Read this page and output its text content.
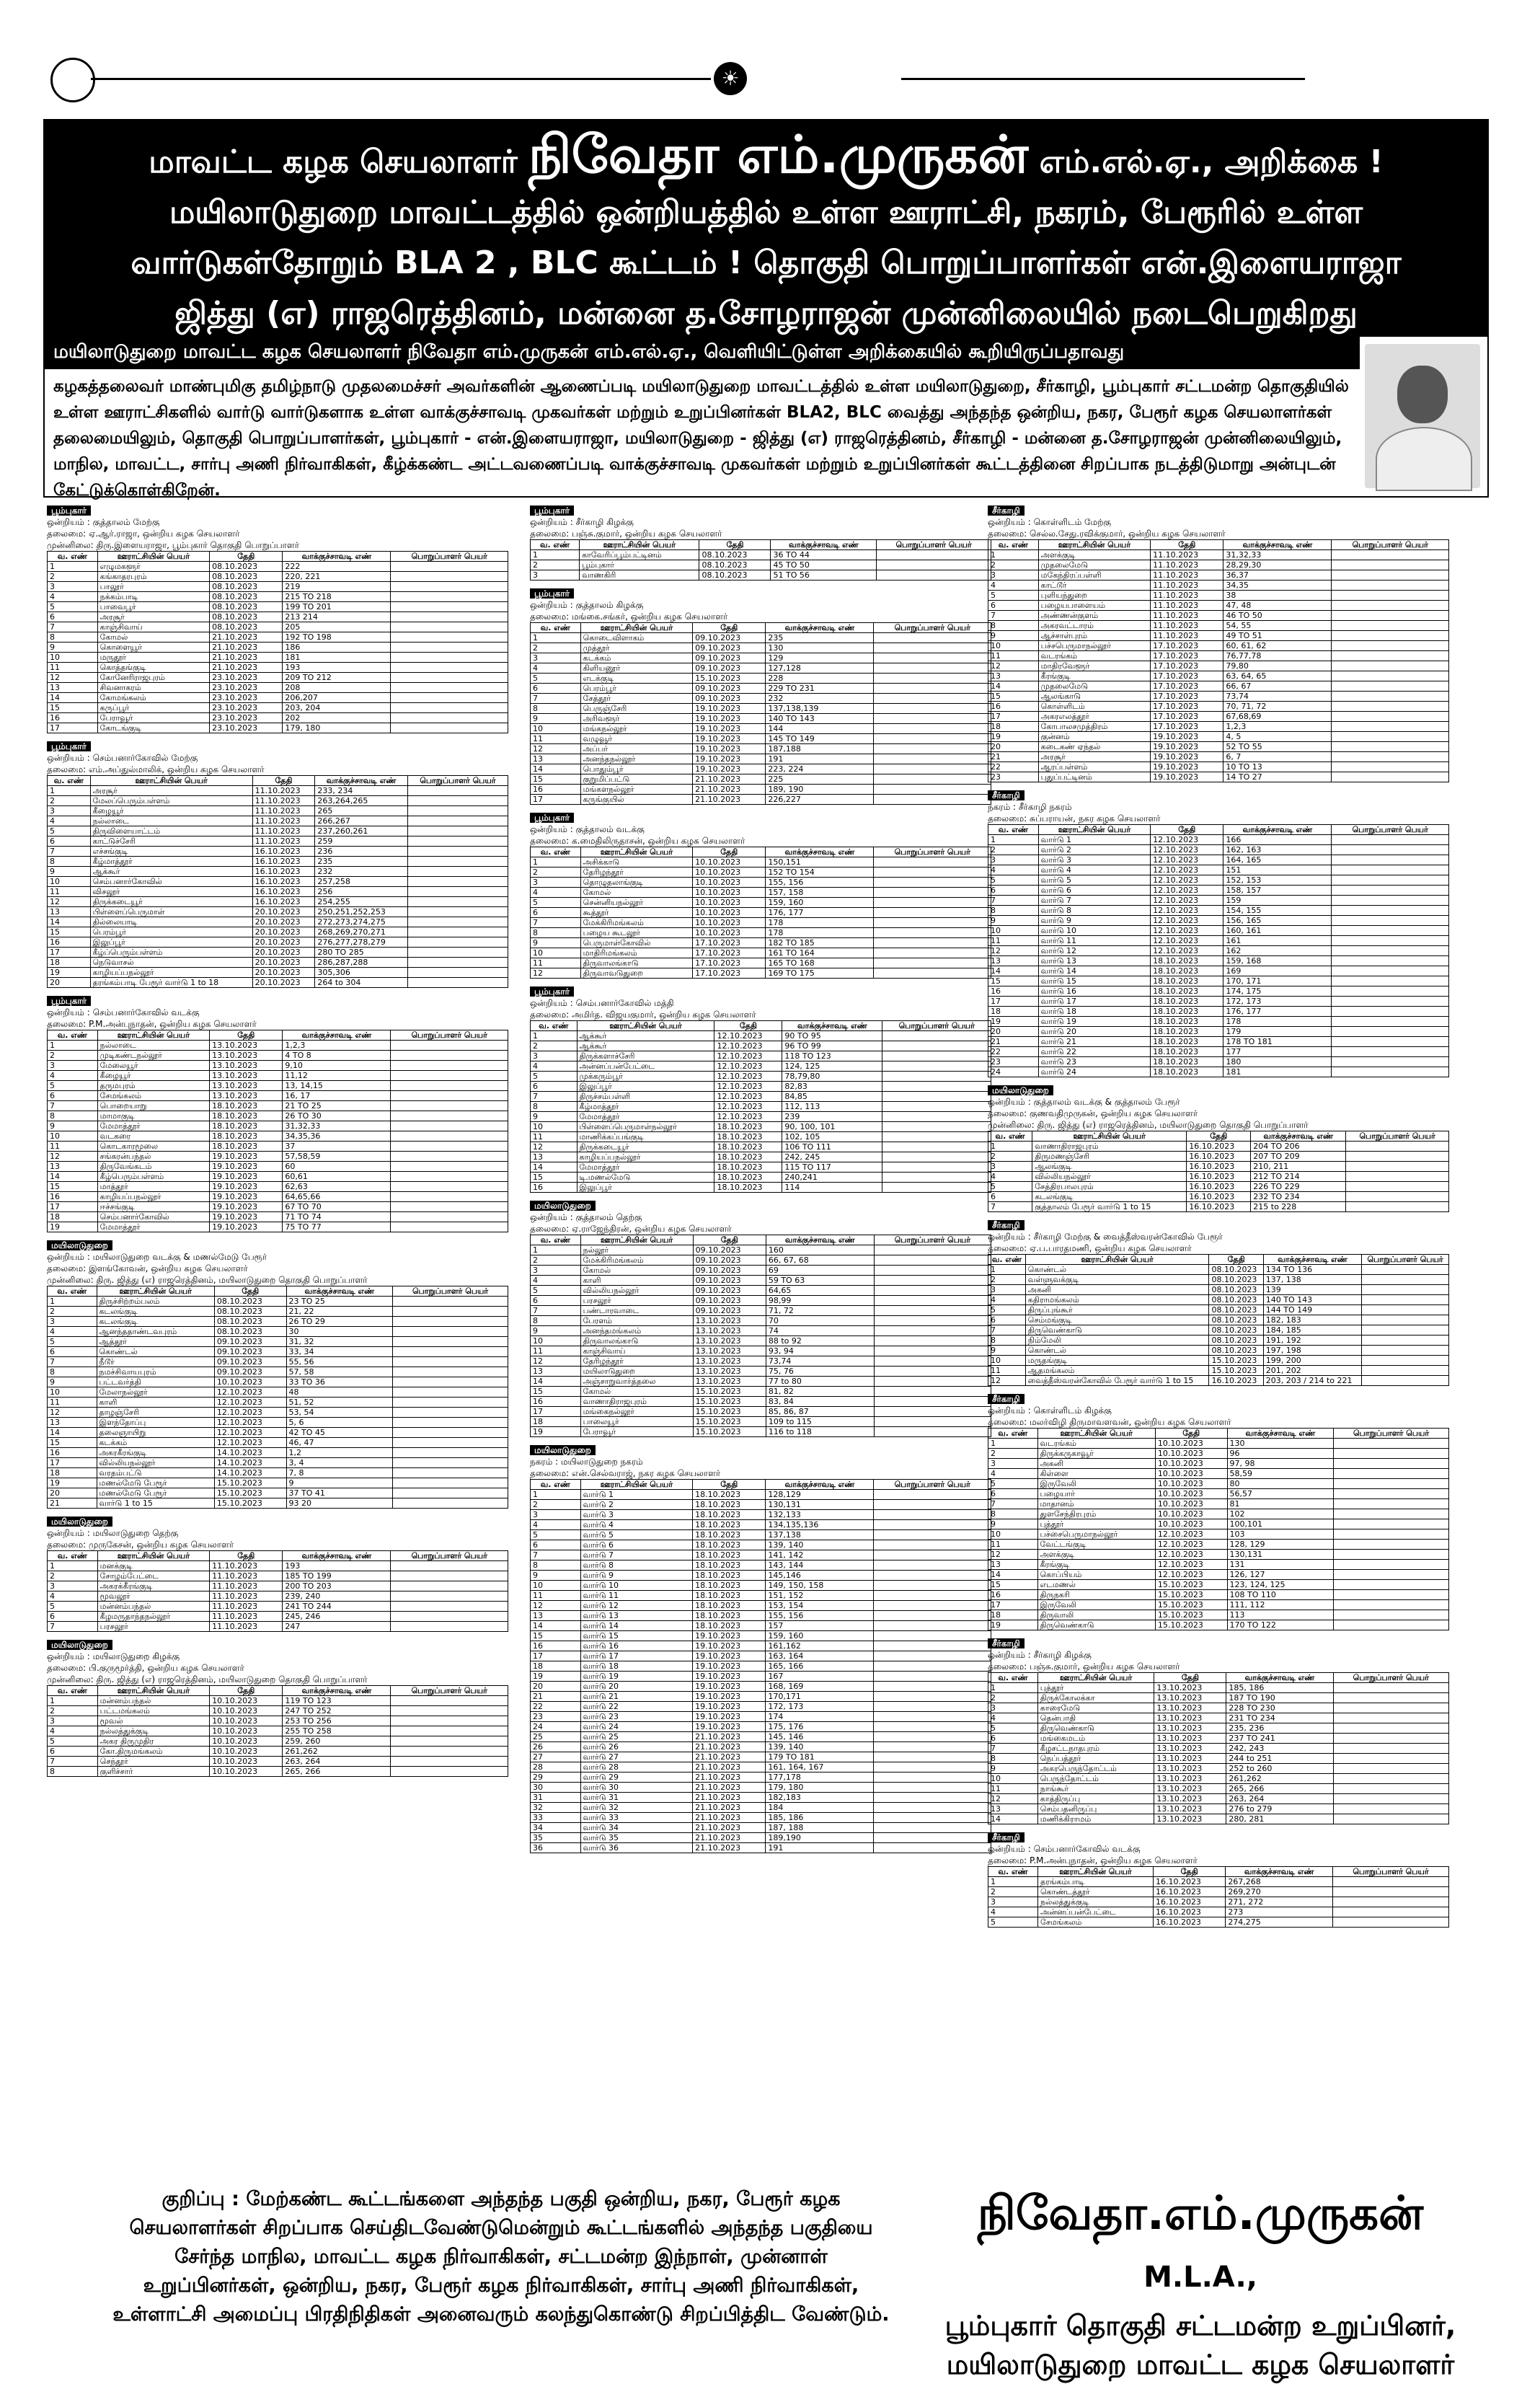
☀
மாவட்ட கழக செயலாளர் நிவேதா எம்.முருகன் எம்.எல்.ஏ., அறிக்கை !
மயிலாடுதுறை மாவட்டத்தில் ஒன்றியத்தில் உள்ள ஊராட்சி, நகரம், பேரூரில் உள்ள
வார்டுகள்தோறும் BLA 2 , BLC கூட்டம் ! தொகுதி பொறுப்பாளர்கள் என்.இளையராஜா
ஜித்து (எ) ராஜரெத்தினம், மன்னை த.சோழராஜன் முன்னிலையில் நடைபெறுகிறது
மயிலாடுதுறை மாவட்ட கழக செயலாளர் நிவேதா எம்.முருகன் எம்.எல்.ஏ., வெளியிட்டுள்ள அறிக்கையில் கூறியிருப்பதாவது
கழகத்தலைவர் மாண்புமிகு தமிழ்நாடு முதலமைச்சர் அவர்களின் ஆணைப்படி மயிலாடுதுறை மாவட்டத்தில் உள்ள மயிலாடுதுறை, சீர்காழி, பூம்புகார் சட்டமன்ற தொகுதியில் உள்ள ஊராட்சிகளில் வார்டு வார்டுகளாக உள்ள வாக்குச்சாவடி முகவர்கள் மற்றும் உறுப்பினர்கள் BLA2, BLC வைத்து அந்தந்த ஒன்றிய, நகர, பேரூர் கழக செயலாளர்கள் தலைமையிலும், தொகுதி பொறுப்பாளர்கள், பூம்புகார் - என்.இளையராஜா, மயிலாடுதுறை - ஜித்து (எ) ராஜரெத்தினம், சீர்காழி - மன்னை த.சோழராஜன் முன்னிலையிலும், மாநில, மாவட்ட, சார்பு அணி நிர்வாகிகள், கீழ்க்கண்ட அட்டவணைப்படி வாக்குச்சாவடி முகவர்கள் மற்றும் உறுப்பினர்கள் கூட்டத்தினை சிறப்பாக நடத்திடுமாறு அன்புடன் கேட்டுக்கொள்கிறேன்.
பூம்புகார்
ஒன்றியம் : குத்தாலம் மேற்கு
தலைமை: ஏ.ஆர்.ராஜா, ஒன்றிய கழக செயலாளர்
முன்னிலை: திரு.இளையராஜா, பூம்புகார் தொகுதி பொறுப்பாளர்
வ. எண்	ஊராட்சியின் பெயர்	தேதி	வாக்குச்சாவடி எண்	பொறுப்பாளர் பெயர்
1	எழுமகளூர்	08.10.2023	222	
2	கங்காதரபுரம்	08.10.2023	220, 221	
3	பாலூர்	08.10.2023	219	
4	நக்கம்பாடி	08.10.2023	215 TO 218	
5	பாவைபூர்	08.10.2023	199 TO 201	
6	அரசூர்	08.10.2023	213 214	
7	காஞ்சிவாய்	08.10.2023	205	
8	கோமல்	21.10.2023	192 TO 198	
9	கொளையூர்	21.10.2023	186	
10	மருதூர்	21.10.2023	181	
11	கொத்தங்குடி	21.10.2023	193	
12	கோனேரிராஜபுரம்	23.10.2023	209 TO 212	
13	சிவனாகரம்	23.10.2023	208	
14	கோமங்கலம்	23.10.2023	206,207	
15	கருப்பூர்	23.10.2023	203, 204	
16	பேராவூர்	23.10.2023	202	
17	கோடங்குடி	23.10.2023	179, 180	
பூம்புகார்
ஒன்றியம் : செம்பனார்கோவில் மேற்கு
தலைமை: எம்.அப்துல்மாலிக், ஒன்றிய கழக செயலாளர்
வ. எண்	ஊராட்சியின் பெயர்	தேதி	வாக்குச்சாவடி எண்	பொறுப்பாளர் பெயர்
1	அரசூர்	11.10.2023	233, 234	
2	மேலப்பெரும்பள்ளம்	11.10.2023	263,264,265	
3	கீழையூர்	11.10.2023	265	
4	நல்லாடை	11.10.2023	266,267	
5	திருவிளையாட்டம்	11.10.2023	237,260,261	
6	காட்டுச்சேரி	11.10.2023	259	
7	எச்சங்குடி	16.10.2023	236	
8	கீழ்மாத்தூர்	16.10.2023	235	
9	ஆக்கூர்	16.10.2023	232	
10	செம்பனார்கோவில்	16.10.2023	257,258	
11	விசலூர்	16.10.2023	256	
12	திருக்கடையூர்	16.10.2023	254,255	
13	பிள்ளைப்பெருமாள்	20.10.2023	250,251,252,253	
14	தில்லையாடி	20.10.2023	272,273,274,275	
15	பெரம்பூர்	20.10.2023	268,269,270,271	
16	இலுப்பூர்	20.10.2023	276,277,278,279	
17	கீழ்ப்பெரும்பள்ளம்	20.10.2023	280 TO 285	
18	நெடுவாசல்	20.10.2023	286,287,288	
19	காழியப்பநல்லூர்	20.10.2023	305,306	
20	தரங்கம்பாடி பேரூர் வார்டு 1 to 18	20.10.2023	264 to 304	
பூம்புகார்
ஒன்றியம் : செம்பனார்கோவில் வடக்கு
தலைமை: P.M.அன்புநாதன், ஒன்றிய கழக செயலாளர்
வ. எண்	ஊராட்சியின் பெயர்	தேதி	வாக்குச்சாவடி எண்	பொறுப்பாளர் பெயர்
1	நல்லாடை	13.10.2023	1,2,3	
2	முடிகண்டநல்லூர்	13.10.2023	4 TO 8	
3	மேலையூர்	13.10.2023	9,10	
4	கீழையூர்	13.10.2023	11,12	
5	தருமபுரம்	13.10.2023	13, 14,15	
6	சேமங்கலம்	13.10.2023	16, 17	
7	பொறையாறு	18.10.2023	21 TO 25	
8	மாமாகுடி	18.10.2023	26 TO 30	
9	மேமாத்தூர்	18.10.2023	31,32,33	
10	வடகரை	18.10.2023	34,35,36	
11	கொடகாரமூலை	18.10.2023	37	
12	சங்கரன்பந்தல்	19.10.2023	57,58,59	
13	திருவேங்கடம்	19.10.2023	60	
14	கீழ்பெரும்பள்ளம்	19.10.2023	60,61	
15	மாத்தூர்	19.10.2023	62,63	
16	காழியப்பநல்லூர்	19.10.2023	64,65,66	
17	ஈச்சங்குடி	19.10.2023	67 TO 70	
18	செம்பனார்கோவில்	19.10.2023	71 TO 74	
19	மேமாத்தூர்	19.10.2023	75 TO 77	
மயிலாடுதுறை
ஒன்றியம் : மயிலாடுதுறை வடக்கு & மணல்மேடு பேரூர்
தலைமை: இளங்கோவன், ஒன்றிய கழக செயலாளர்
முன்னிலை: திரு. ஜித்து (எ) ராஜரெத்தினம், மயிலாடுதுறை தொகுதி பொறுப்பாளர்
வ. எண்	ஊராட்சியின் பெயர்	தேதி	வாக்குச்சாவடி எண்	பொறுப்பாளர் பெயர்
1	திருச்சிற்றம்பலம்	08.10.2023	23 TO 25	
2	கடலங்குடி	08.10.2023	21, 22	
3	கடலங்குடி	08.10.2023	26 TO 29	
4	ஆனந்ததாண்டவபுரம்	08.10.2023	30	
5	ஆத்தூர்	09.10.2023	31, 32	
6	கொண்டல்	09.10.2023	33, 34	
7	நீடூர்	09.10.2023	55, 56	
8	நமச்சிவாயபுரம்	09.10.2023	57, 58	
9	பட்டவர்த்தி	10.10.2023	33 TO 36	
10	மேலாநல்லூர்	12.10.2023	48	
11	காளி	12.10.2023	51, 52	
12	தாழஞ்சேரி	12.10.2023	53, 54	
13	இளந்தோப்பு	12.10.2023	5, 6	
14	தலைஞாயிறு	12.10.2023	42 TO 45	
15	கடக்கம்	12.10.2023	46, 47	
16	அகரகீரங்குடி	14.10.2023	1,2	
17	வில்லியநல்லூர்	14.10.2023	3, 4	
18	வரதம்பட்டு	14.10.2023	7, 8	
19	மணல்மேடு பேரூர்	15.10.2023	9	
20	மணல்மேடு பேரூர்	15.10.2023	37 TO 41	
21	வார்டு 1 to 15	15.10.2023	93 20	
மயிலாடுதுறை
ஒன்றியம் : மயிலாடுதுறை தெற்கு
தலைமை: முருகேசன், ஒன்றிய கழக செயலாளர்
வ. எண்	ஊராட்சியின் பெயர்	தேதி	வாக்குச்சாவடி எண்	பொறுப்பாளர் பெயர்
1	மனக்குடி	11.10.2023	193	
2	சோழம்பேட்டை	11.10.2023	185 TO 199	
3	அகரக்கீரங்குடி	11.10.2023	200 TO 203	
4	மூவலூர்	11.10.2023	239, 240	
5	மன்னம்பந்தல்	11.10.2023	241 TO 244	
6	கீழமருதாந்தநல்லூர்	11.10.2023	245, 246	
7	பரசலூர்	11.10.2023	247	
மயிலாடுதுறை
ஒன்றியம் : மயிலாடுதுறை கிழக்கு
தலைமை: பி.குருமூர்த்தி, ஒன்றிய கழக செயலாளர்
முன்னிலை: திரு. ஜித்து (எ) ராஜரெத்தினம், மயிலாடுதுறை தொகுதி பொறுப்பாளர்
வ. எண்	ஊராட்சியின் பெயர்	தேதி	வாக்குச்சாவடி எண்	பொறுப்பாளர் பெயர்
1	மன்னம்பந்தல்	10.10.2023	119 TO 123	
2	பட்டமங்கலம்	10.10.2023	247 TO 252	
3	மூவல்	10.10.2023	253 TO 256	
4	நல்லத்துக்குடி	10.10.2023	255 TO 258	
5	அகர திருமுதிர	10.10.2023	259, 260	
6	கோ.திருமங்கலம்	10.10.2023	261,262	
7	செந்தூர்	10.10.2023	263, 264	
8	குளிச்சார்	10.10.2023	265, 266	
பூம்புகார்
ஒன்றியம் : சீர்காழி கிழக்கு
தலைமை: பஞ்சு.குமார், ஒன்றிய கழக செயலாளர்
வ. எண்	ஊராட்சியின் பெயர்	தேதி	வாக்குச்சாவடி எண்	பொறுப்பாளர் பெயர்
1	காவேரிப்பூம்பட்டினம்	08.10.2023	36 TO 44	
2	பூம்புகார்	08.10.2023	45 TO 50	
3	வாணகிரி	08.10.2023	51 TO 56	
பூம்புகார்
ஒன்றியம் : குத்தாலம் கிழக்கு
தலைமை: மங்கை.சங்கர், ஒன்றிய கழக செயலாளர்
வ. எண்	ஊராட்சியின் பெயர்	தேதி	வாக்குச்சாவடி எண்	பொறுப்பாளர் பெயர்
1	கொடைவிளாகம்	09.10.2023	235	
2	முத்தூர்	09.10.2023	130	
3	கடக்கம்	09.10.2023	129	
4	கிளியனூர்	09.10.2023	127,128	
5	எடக்குடி	15.10.2023	228	
6	பெரம்பூர்	09.10.2023	229 TO 231	
7	சேத்தூர்	09.10.2023	232	
8	பெருஞ்சேரி	19.10.2023	137,138,139	
9	அரிவளூர்	19.10.2023	140 TO 143	
10	மங்கநல்லூர்	19.10.2023	144	
11	வழுவூர்	19.10.2023	145 TO 149	
12	அப்பர்	19.10.2023	187,188	
13	அனந்தநல்லூர்	19.10.2023	191	
14	பொதும்பூர்	19.10.2023	223, 224	
15	குறுமிப்பட்டு	21.10.2023	225	
16	மங்களநல்லூர்	21.10.2023	189, 190	
17	கருங்குயில்	21.10.2023	226,227	
பூம்புகார்
ஒன்றியம் : குத்தாலம் வடக்கு
தலைமை: க.மைதிலிருதாசன், ஒன்றிய கழக செயலாளர்
வ. எண்	ஊராட்சியின் பெயர்	தேதி	வாக்குச்சாவடி எண்	பொறுப்பாளர் பெயர்
1	அசிக்காடு	10.10.2023	150,151	
2	தேரிழந்தூர்	10.10.2023	152 TO 154	
3	தொழுதலாங்குடி	10.10.2023	155, 156	
4	கோமல்	10.10.2023	157, 158	
5	சென்னியநல்லூர்	10.10.2023	159, 160	
6	கூத்தூர்	10.10.2023	176, 177	
7	மேக்கிரிமங்கலம்	10.10.2023	178	
8	பழைய கூடலூர்	10.10.2023	178	
9	பெருமாள்கோவில்	17.10.2023	182 TO 185	
10	மாதிரிமங்கலம்	17.10.2023	161 TO 164	
11	திருவாலங்காடு	17.10.2023	165 TO 168	
12	திருவாவடுதுறை	17.10.2023	169 TO 175	
பூம்புகார்
ஒன்றியம் : செம்பனார்கோவில் மத்தி
தலைமை: அமிர்த. விஜயகுமார், ஒன்றிய கழக செயலாளர்
வ. எண்	ஊராட்சியின் பெயர்	தேதி	வாக்குச்சாவடி எண்	பொறுப்பாளர் பெயர்
1	ஆக்கூர்	12.10.2023	90 TO 95	
2	ஆக்கூர்	12.10.2023	96 TO 99	
3	திருக்களாச்சேரி	12.10.2023	118 TO 123	
4	அன்னப்பன்பேட்டை	12.10.2023	124, 125	
5	முக்கரும்பூர்	12.10.2023	78,79,80	
6	இலுப்பூர்	12.10.2023	82,83	
7	திருச்சம்பள்ளி	12.10.2023	84,85	
8	கீழ்மாத்தூர்	12.10.2023	112, 113	
9	மேமாத்தூர்	12.10.2023	239	
10	பிள்ளைப்பெருமாள்நல்லூர்	18.10.2023	90, 100, 101	
11	மாணிக்கப்பங்குடி	18.10.2023	102, 105	
12	திருக்கடையூர்	18.10.2023	106 TO 111	
13	காழியப்பநல்லூர்	18.10.2023	242, 245	
14	மேமாத்தூர்	18.10.2023	115 TO 117	
15	டி.மணல்மேடு	18.10.2023	240,241	
16	இலுப்பூர்	18.10.2023	114	
மயிலாடுதுறை
ஒன்றியம் : குத்தாலம் தெற்கு
தலைமை: ஏ.ராஜேந்திரன், ஒன்றிய கழக செயலாளர்
வ. எண்	ஊராட்சியின் பெயர்	தேதி	வாக்குச்சாவடி எண்	பொறுப்பாளர் பெயர்
1	நல்லூர்	09.10.2023	160	
2	மேக்கிரிமங்கலம்	09.10.2023	66, 67, 68	
3	கோமல்	09.10.2023	69	
4	காளி	09.10.2023	59 TO 63	
5	வில்லியநல்லூர்	09.10.2023	64,65	
6	பரசலூர்	09.10.2023	98,99	
7	பண்டாரவாடை	09.10.2023	71, 72	
8	பேரளம்	13.10.2023	70	
9	அனந்தமங்கலம்	13.10.2023	74	
10	திருவாலங்காடு	13.10.2023	88 to 92	
11	காஞ்சிவாய்	13.10.2023	93, 94	
12	தேரிழந்தூர்	13.10.2023	73,74	
13	மயிலாடுதுறை	13.10.2023	75, 76	
14	அஞ்சாறுவார்த்தலை	13.10.2023	77 to 80	
15	கோமல்	15.10.2023	81, 82	
16	வாணாதிராஜபுரம்	15.10.2023	83, 84	
17	மங்கைநல்லூர்	15.10.2023	85, 86, 87	
18	பாலையூர்	15.10.2023	109 to 115	
19	பேராவூர்	15.10.2023	116 to 118	
மயிலாடுதுறை
நகரம் : மயிலாடுதுறை நகரம்
தலைமை: என்.செல்வராஜ், நகர கழக செயலாளர்
வ. எண்	ஊராட்சியின் பெயர்	தேதி	வாக்குச்சாவடி எண்	பொறுப்பாளர் பெயர்
1	வார்டு 1	18.10.2023	128,129	
2	வார்டு 2	18.10.2023	130,131	
3	வார்டு 3	18.10.2023	132,133	
4	வார்டு 4	18.10.2023	134,135,136	
5	வார்டு 5	18.10.2023	137,138	
6	வார்டு 6	18.10.2023	139, 140	
7	வார்டு 7	18.10.2023	141, 142	
8	வார்டு 8	18.10.2023	143, 144	
9	வார்டு 9	18.10.2023	145,146	
10	வார்டு 10	18.10.2023	149, 150, 158	
11	வார்டு 11	18.10.2023	151, 152	
12	வார்டு 12	18.10.2023	153, 154	
13	வார்டு 13	18.10.2023	155, 156	
14	வார்டு 14	18.10.2023	157	
15	வார்டு 15	19.10.2023	159, 160	
16	வார்டு 16	19.10.2023	161,162	
17	வார்டு 17	19.10.2023	163, 164	
18	வார்டு 18	19.10.2023	165, 166	
19	வார்டு 19	19.10.2023	167	
20	வார்டு 20	19.10.2023	168, 169	
21	வார்டு 21	19.10.2023	170,171	
22	வார்டு 22	19.10.2023	172, 173	
23	வார்டு 23	19.10.2023	174	
24	வார்டு 24	19.10.2023	175, 176	
25	வார்டு 25	21.10.2023	145, 146	
26	வார்டு 26	21.10.2023	139, 140	
27	வார்டு 27	21.10.2023	179 TO 181	
28	வார்டு 28	21.10.2023	161, 164, 167	
29	வார்டு 29	21.10.2023	177,178	
30	வார்டு 30	21.10.2023	179, 180	
31	வார்டு 31	21.10.2023	182,183	
32	வார்டு 32	21.10.2023	184	
33	வார்டு 33	21.10.2023	185, 186	
34	வார்டு 34	21.10.2023	187, 188	
35	வார்டு 35	21.10.2023	189,190	
36	வார்டு 36	21.10.2023	191	
சீர்காழி
ஒன்றியம் : கொள்ளிடம் மேற்கு
தலைமை: செல்ல.சேது.ரவிக்குமார், ஒன்றிய கழக செயலாளர்
வ. எண்	ஊராட்சியின் பெயர்	தேதி	வாக்குச்சாவடி எண்	பொறுப்பாளர் பெயர்
1	அளக்குடி	11.10.2023	31,32,33	
2	முதலைமேடு	11.10.2023	28,29,30	
3	மகேந்திரப்பள்ளி	11.10.2023	36,37	
4	காட்டூர்	11.10.2023	34,35	
5	புளியந்துறை	11.10.2023	38	
6	பழையபாளையம்	11.10.2023	47, 48	
7	அண்ணன்குளம்	11.10.2023	46 TO 50	
8	அகரவட்டாரம்	11.10.2023	54, 55	
9	ஆச்சாள்புரம்	11.10.2023	49 TO 51	
10	பச்சபெருமாநல்லூர்	17.10.2023	60, 61, 62	
11	வடரங்கம்	17.10.2023	76,77,78	
12	மாதிரவேளூர்	17.10.2023	79,80	
13	கீரங்குடி	17.10.2023	63, 64, 65	
14	முதலைமேடு	17.10.2023	66, 67	
15	ஆலங்காடு	17.10.2023	73,74	
16	கொள்ளிடம்	17.10.2023	70, 71, 72	
17	அகரஎலத்தூர்	17.10.2023	67,68,69	
18	கோபாலசமுத்திரம்	17.10.2023	1,2,3	
19	குன்னம்	19.10.2023	4, 5	
20	கடைகண் ஏந்தல்	19.10.2023	52 TO 55	
21	அரசூர்	19.10.2023	6, 7	
22	ஆரப்பள்ளம்	19.10.2023	10 TO 13	
23	புதுப்பட்டினம்	19.10.2023	14 TO 27	
சீர்காழி
நகரம் : சீர்காழி நகரம்
தலைமை: சுப்பராயன், நகர கழக செயலாளர்
வ. எண்	ஊராட்சியின் பெயர்	தேதி	வாக்குச்சாவடி எண்	பொறுப்பாளர் பெயர்
1	வார்டு 1	12.10.2023	166	
2	வார்டு 2	12.10.2023	162, 163	
3	வார்டு 3	12.10.2023	164, 165	
4	வார்டு 4	12.10.2023	151	
5	வார்டு 5	12.10.2023	152, 153	
6	வார்டு 6	12.10.2023	158, 157	
7	வார்டு 7	12.10.2023	159	
8	வார்டு 8	12.10.2023	154, 155	
9	வார்டு 9	12.10.2023	156, 165	
10	வார்டு 10	12.10.2023	160, 161	
11	வார்டு 11	12.10.2023	161	
12	வார்டு 12	12.10.2023	162	
13	வார்டு 13	18.10.2023	159, 168	
14	வார்டு 14	18.10.2023	169	
15	வார்டு 15	18.10.2023	170, 171	
16	வார்டு 16	18.10.2023	174, 175	
17	வார்டு 17	18.10.2023	172, 173	
18	வார்டு 18	18.10.2023	176, 177	
19	வார்டு 19	18.10.2023	178	
20	வார்டு 20	18.10.2023	179	
21	வார்டு 21	18.10.2023	178 TO 181	
22	வார்டு 22	18.10.2023	177	
23	வார்டு 23	18.10.2023	180	
24	வார்டு 24	18.10.2023	181	
மயிலாடுதுறை
ஒன்றியம் : குத்தாலம் வடக்கு & குத்தாலம் பேரூர்
தலைமை: குணவதிமுருகன், ஒன்றிய கழக செயலாளர்
முன்னிலை: திரு. ஜித்து (எ) ராஜரெத்தினம், மயிலாடுதுறை தொகுதி பொறுப்பாளர்
வ. எண்	ஊராட்சியின் பெயர்	தேதி	வாக்குச்சாவடி எண்	பொறுப்பாளர் பெயர்
1	வாணாதிராஜபுரம்	16.10.2023	204 TO 206	
2	திருமணஞ்சேரி	16.10.2023	207 TO 209	
3	ஆலங்குடி	16.10.2023	210, 211	
4	வில்லியநல்லூர்	16.10.2023	212 TO 214	
5	சேத்திரபாலபுரம்	16.10.2023	226 TO 229	
6	கடலங்குடி	16.10.2023	232 TO 234	
7	குத்தாலம் பேரூர் வார்டு 1 to 15	16.10.2023	215 to 228	
சீர்காழி
ஒன்றியம் : சீர்காழி மேற்கு & வைத்தீஸ்வரன்கோவில் பேரூர்
தலைமை: ஏ.ப.பாரதமணி, ஒன்றிய கழக செயலாளர்
வ. எண்	ஊராட்சியின் பெயர்	தேதி	வாக்குச்சாவடி எண்	பொறுப்பாளர் பெயர்
1	கொண்டல்	08.10.2023	134 TO 136	
2	வள்ளுவக்குடி	08.10.2023	137, 138	
3	அகனி	08.10.2023	139	
4	கதிராமங்கலம்	08.10.2023	140 TO 143	
5	திருப்புங்கூர்	08.10.2023	144 TO 149	
6	செம்மங்குடி	08.10.2023	182, 183	
7	திருவெண்காடு	08.10.2023	184, 185	
8	நிம்மேலி	08.10.2023	191, 192	
9	கொண்டல்	08.10.2023	197, 198	
10	மருதங்குடி	15.10.2023	199, 200	
11	ஆதமங்கலம்	15.10.2023	201, 202	
12	வைத்தீஸ்வரன்கோவில் பேரூர் வார்டு 1 to 15	16.10.2023	203, 203 / 214 to 221	
சீர்காழி
ஒன்றியம் : கொள்ளிடம் கிழக்கு
தலைமை: மலர்விழி திருமாவளவன், ஒன்றிய கழக செயலாளர்
வ. எண்	ஊராட்சியின் பெயர்	தேதி	வாக்குச்சாவடி எண்	பொறுப்பாளர் பெயர்
1	வடரங்கம்	10.10.2023	130	
2	திருக்கருகாவூர்	10.10.2023	96	
3	அகனி	10.10.2023	97, 98	
4	கிள்ளை	10.10.2023	58,59	
5	இருவேலி	10.10.2023	80	
6	பழையார்	10.10.2023	56,57	
7	மாதானம்	10.10.2023	81	
8	துளசேந்திரபுரம்	10.10.2023	102	
9	புத்தூர்	10.10.2023	100,101	
10	பச்சைபெருமாநல்லூர்	12.10.2023	103	
11	வேட்டங்குடி	12.10.2023	128, 129	
12	அளக்குடி	12.10.2023	130,131	
13	கீரங்குடி	12.10.2023	131	
14	கொப்பியம்	12.10.2023	126, 127	
15	எடமணல்	15.10.2023	123, 124, 125	
16	திருநகரி	15.10.2023	108 TO 110	
17	இருவேலி	15.10.2023	111, 112	
18	திருவாலி	15.10.2023	113	
19	திருவெண்காடு	15.10.2023	170 TO 122	
சீர்காழி
ஒன்றியம் : சீர்காழி கிழக்கு
தலைமை: பஞ்சு.குமார், ஒன்றிய கழக செயலாளர்
வ. எண்	ஊராட்சியின் பெயர்	தேதி	வாக்குச்சாவடி எண்	பொறுப்பாளர் பெயர்
1	புத்தூர்	13.10.2023	185, 186	
2	திருக்கோலக்கா	13.10.2023	187 TO 190	
3	காரைமேடு	13.10.2023	228 TO 230	
4	தென்பாதி	13.10.2023	231 TO 234	
5	திருவெண்காடு	13.10.2023	235, 236	
6	மங்கைமடம்	13.10.2023	237 TO 241	
7	கீழசட்டநாதபுரம்	13.10.2023	242, 243	
8	நெப்பத்தூர்	13.10.2023	244 to 251	
9	அகரபெருந்தோட்டம்	13.10.2023	252 to 260	
10	பெருந்தோட்டம்	13.10.2023	261,262	
11	நாங்கூர்	13.10.2023	265, 266	
12	காத்திருப்பு	13.10.2023	263, 264	
13	செம்பதனிருப்பு	13.10.2023	276 to 279	
14	மணிக்கிராமம்	13.10.2023	280, 281	
சீர்காழி
ஒன்றியம் : செம்பனார்கோவில் வடக்கு
தலைமை: P.M.அன்புநாதன், ஒன்றிய கழக செயலாளர்
வ. எண்	ஊராட்சியின் பெயர்	தேதி	வாக்குச்சாவடி எண்	பொறுப்பாளர் பெயர்
1	தரங்கம்பாடி	16.10.2023	267,268	
2	கொண்டத்தூர்	16.10.2023	269,270	
3	நல்லத்துக்குடி	16.10.2023	271, 272	
4	அன்னப்பன்பேட்டை	16.10.2023	273	
5	சேமங்கலம்	16.10.2023	274,275	
குறிப்பு : மேற்கண்ட கூட்டங்களை அந்தந்த பகுதி ஒன்றிய, நகர, பேரூர் கழக செயலாளர்கள் சிறப்பாக செய்திடவேண்டுமென்றும் கூட்டங்களில் அந்தந்த பகுதியை சேர்ந்த மாநில, மாவட்ட கழக நிர்வாகிகள், சட்டமன்ற இந்நாள், முன்னாள் உறுப்பினர்கள், ஒன்றிய, நகர, பேரூர் கழக நிர்வாகிகள், சார்பு அணி நிர்வாகிகள், உள்ளாட்சி அமைப்பு பிரதிநிதிகள் அனைவரும் கலந்துகொண்டு சிறப்பித்திட வேண்டும்.
நிவேதா.எம்.முருகன் M.L.A.,
பூம்புகார் தொகுதி சட்டமன்ற உறுப்பினர்,
மயிலாடுதுறை மாவட்ட கழக செயலாளர்
